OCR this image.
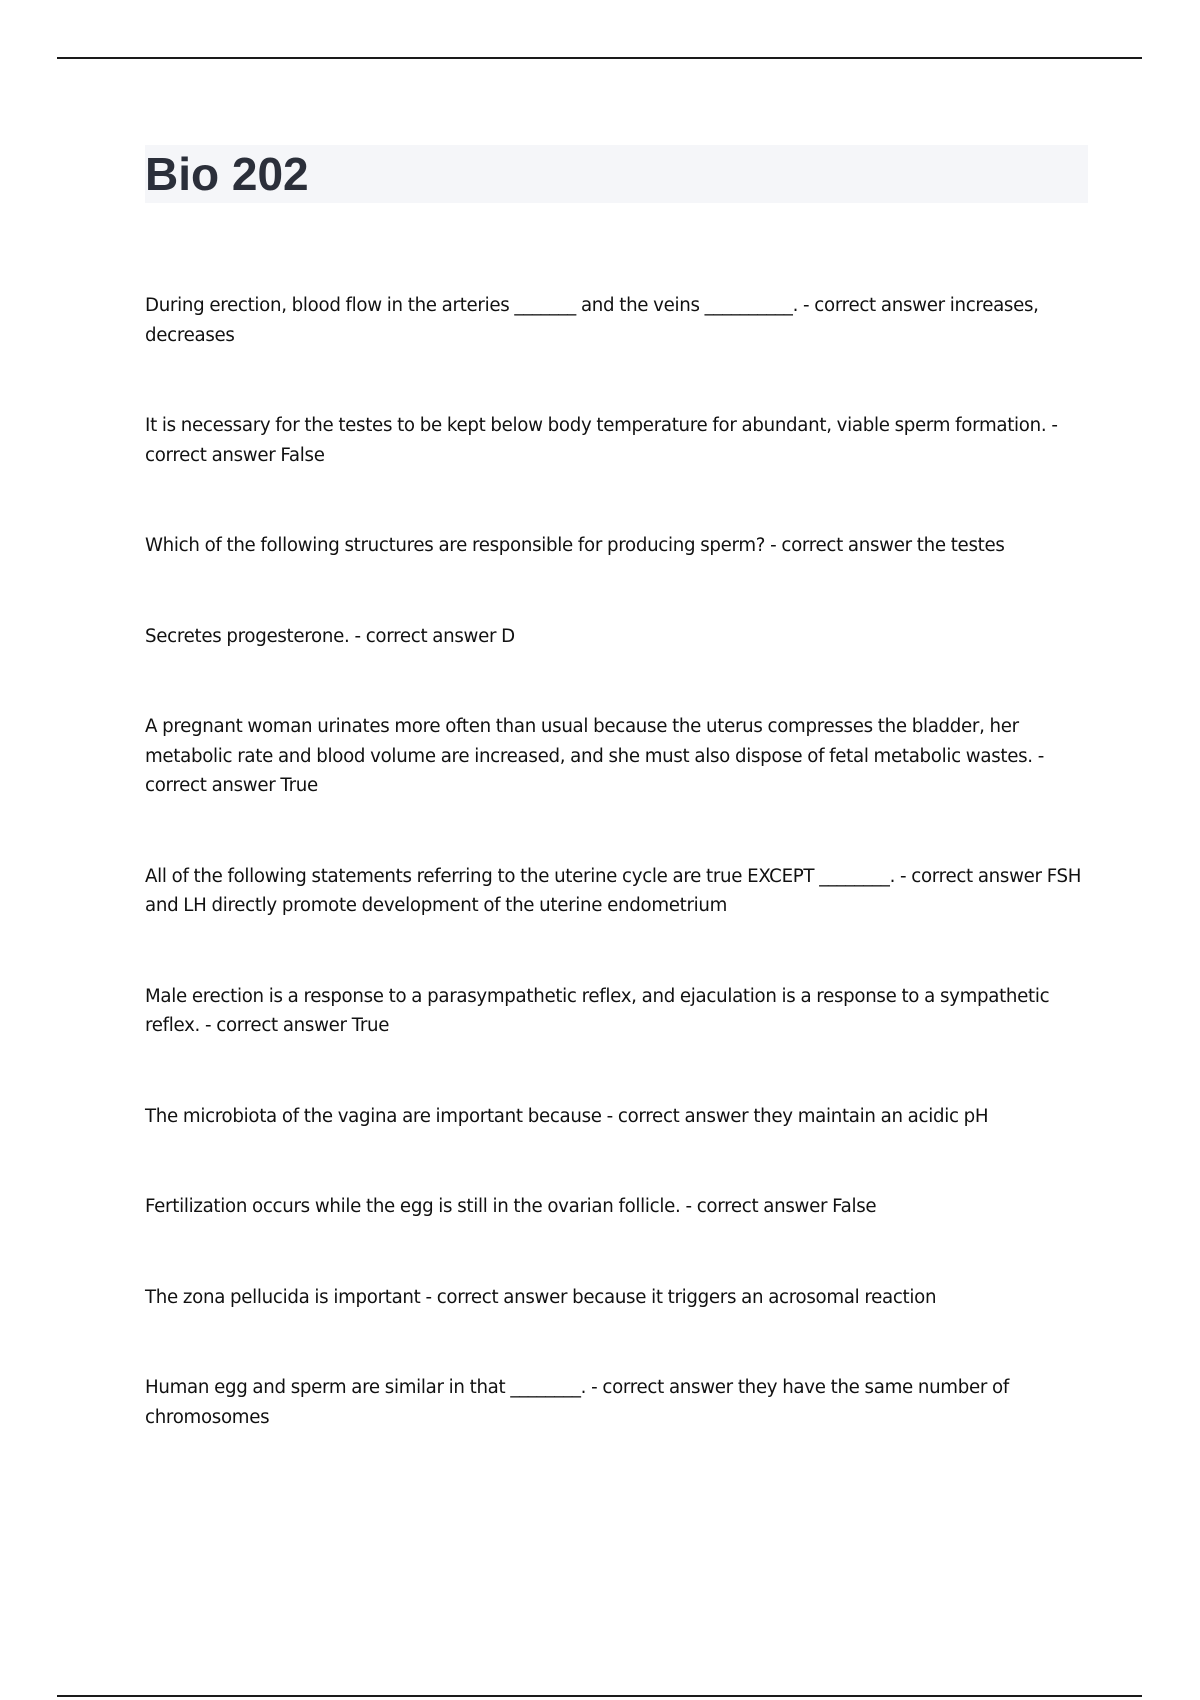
Bio 202
During erection, blood flow in the arteries _______ and the veins __________. - correct answer increases, decreases
It is necessary for the testes to be kept below body temperature for abundant, viable sperm formation. - correct answer False
Which of the following structures are responsible for producing sperm? - correct answer the testes
Secretes progesterone. - correct answer D
A pregnant woman urinates more often than usual because the uterus compresses the bladder, her metabolic rate and blood volume are increased, and she must also dispose of fetal metabolic wastes. - correct answer True
All of the following statements referring to the uterine cycle are true EXCEPT ________. - correct answer FSH and LH directly promote development of the uterine endometrium
Male erection is a response to a parasympathetic reflex, and ejaculation is a response to a sympathetic reflex. - correct answer True
The microbiota of the vagina are important because - correct answer they maintain an acidic pH
Fertilization occurs while the egg is still in the ovarian follicle. - correct answer False
The zona pellucida is important - correct answer because it triggers an acrosomal reaction
Human egg and sperm are similar in that ________. - correct answer they have the same number of chromosomes
